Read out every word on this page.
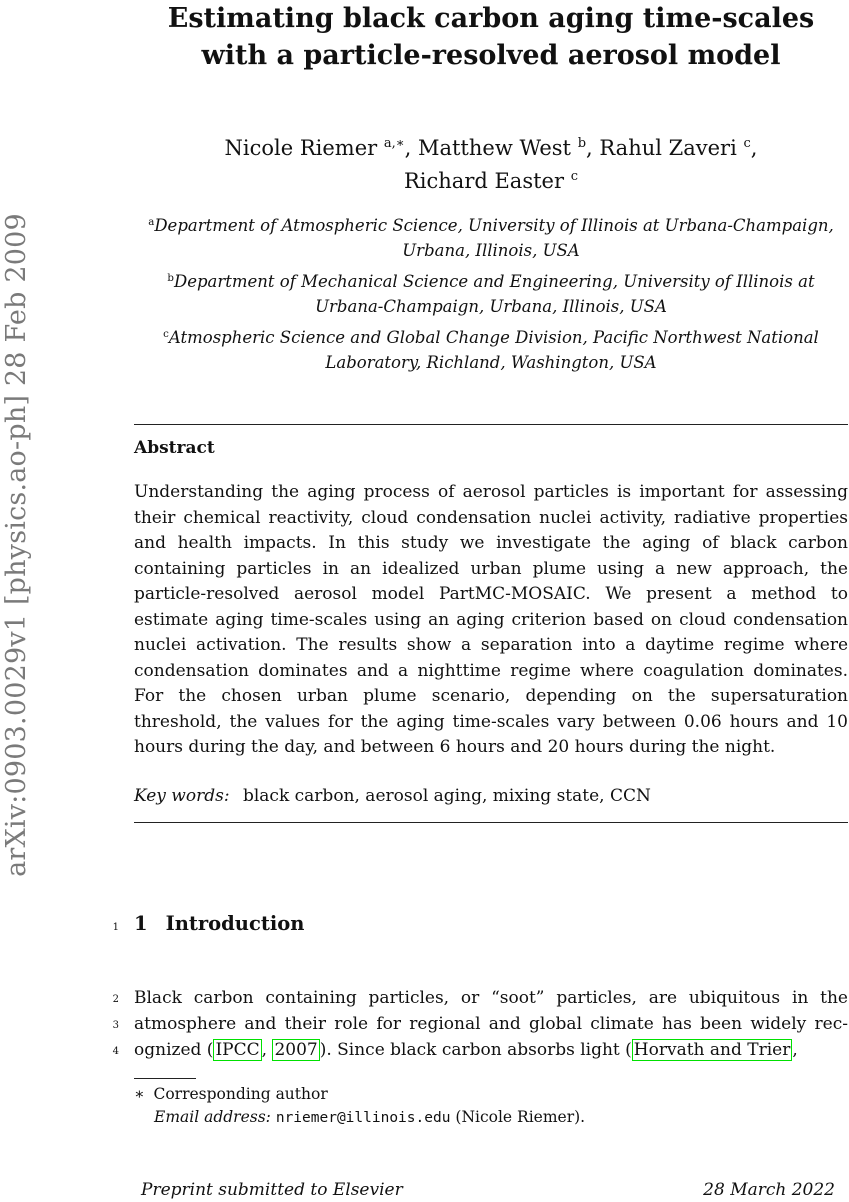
arXiv:0903.0029v1 [physics.ao-ph] 28 Feb 2009
Estimating black carbon aging time-scales
with a particle-resolved aerosol model
Nicole Riemer $^{a,∗}$, Matthew West $^b$, Rahul Zaveri $^c$,
Richard Easter $^c$
$^a$Department of Atmospheric Science, University of Illinois at Urbana-Champaign,
Urbana, Illinois, USA
$^b$Department of Mechanical Science and Engineering, University of Illinois at
Urbana-Champaign, Urbana, Illinois, USA
$^c$Atmospheric Science and Global Change Division, Pacific Northwest National
Laboratory, Richland, Washington, USA
Abstract
Understanding the aging process of aerosol particles is important for assessing their chemical reactivity, cloud condensation nuclei activity, radiative properties and health impacts. In this study we investigate the aging of black carbon containing particles in an idealized urban plume using a new approach, the particle-resolved aerosol model PartMC-MOSAIC. We present a method to estimate aging time-scales using an aging criterion based on cloud condensation nuclei activation. The results show a separation into a daytime regime where condensation dominates and a nighttime regime where coagulation dominates. For the chosen urban plume scenario, depending on the supersaturation threshold, the values for the aging time-scales vary between 0.06 hours and 10 hours during the day, and between 6 hours and 20 hours during the night.
Key words: black carbon, aerosol aging, mixing state, CCN
1 1 Introduction
2 Black carbon containing particles, or “soot” particles, are ubiquitous in the
3 atmosphere and their role for regional and global climate has been widely rec-
4 ognized ( IPCC , 2007 ). Since black carbon absorbs light ( Horvath and Trier ,
∗ Corresponding author
Email address: nriemer@illinois.edu (Nicole Riemer).
Preprint submitted to Elsevier	28 March 2022
